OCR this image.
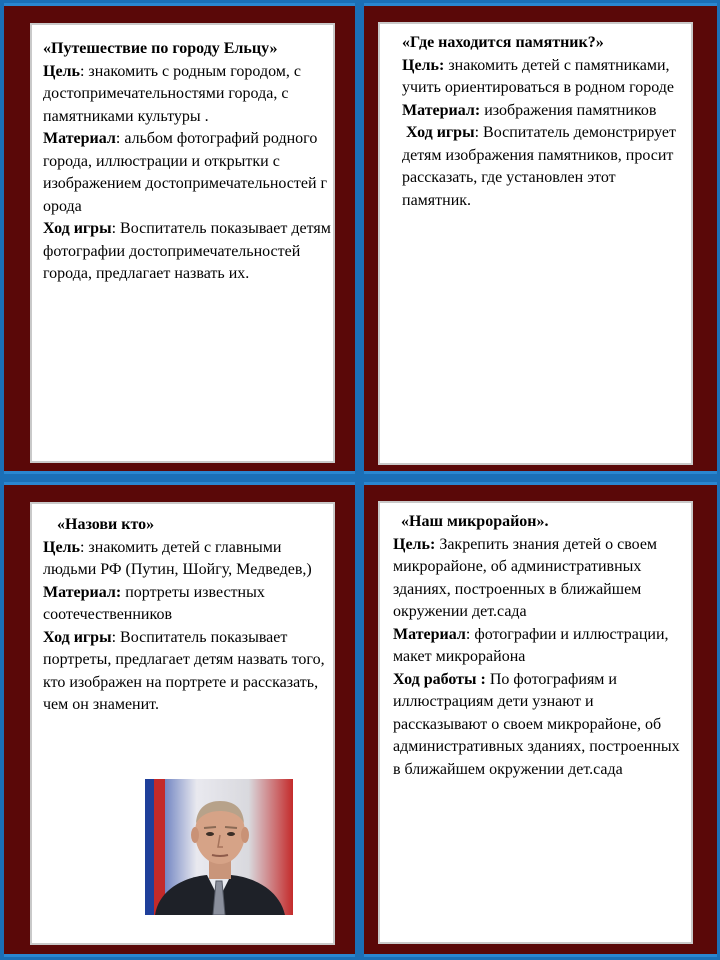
«Путешествие по городу Ельцу»

Цель: знакомить с родным городом, с достопримечательностями города, с памятниками культуры .

Материал: альбом фотографий родного города, иллюстрации и открытки с изображением достопримечательностей г орода

Ход игры: Воспитатель показывает детям фотографии достопримечательностей города, предлагает назвать их.

«Где находится памятник?»

Цель: знакомить детей с памятниками, учить ориентироваться в родном городе

Материал: изображения памятников

Ход игры: Воспитатель демонстрирует детям изображения памятников, просит рассказать, где установлен этот памятник.

«Назови кто»

Цель: знакомить детей с главными людьми РФ (Путин, Шойгу, Медведев,)

Материал: портреты известных соотечественников

Ход игры: Воспитатель показывает портреты, предлагает детям назвать того, кто изображен на портрете и рассказать, чем он знаменит.

«Наш микрорайон».

Цель: Закрепить знания детей о своем микрорайоне, об административных зданиях, построенных в ближайшем окружении дет.сада

Материал: фотографии и иллюстрации, макет микрорайона

Ход работы : По фотографиям и иллюстрациям дети узнают и рассказывают о своем микрорайоне, об административных зданиях, построенных в ближайшем окружении дет.сада
